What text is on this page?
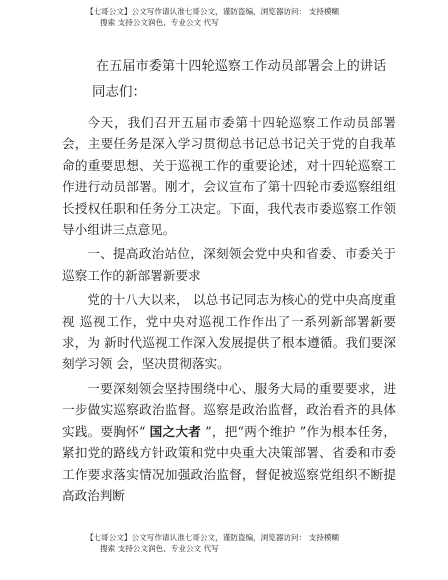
【七哥公文】公文写作请认准七哥公文，谨防盗编，浏览器访问： 支持模糊
搜索 支持公文润色、专业公文 代写
在五届市委第十四轮巡察工作动员部署会上的讲话
同志们：

今天，我们召开五届市委第十四轮巡察工作动员部署会，主要任务是深入学习贯彻总书记总书记关于党的自我革命的重要思想、关于巡视工作的重要论述，对十四轮巡察工作进行动员部署。刚才，会议宣布了第十四轮市委巡察组组长授权任职和任务分工决定。下面，我代表市委巡察工作领导小组讲三点意见。

一、提高政治站位，深刻领会党中央和省委、市委关于巡察工作的新部署新要求

党的十八大以来， 以总书记同志为核心的党中央高度重视 巡视工作，党中央对巡视工作作出了一系列新部署新要求，为 新时代巡视工作深入发展提供了根本遵循。我们要深刻学习领 会，坚决贯彻落实。

一要深刻领会坚持围绕中心、服务大局的重要要求，进一步做实巡察政治监督。巡察是政治监督，政治看齐的具体实践。要胸怀“ 国之大者 ”，把“两个维护 ”作为根本任务，紧扣党的路线方针政策和党中央重大决策部署、省委和市委工作要求落实情况加强政治监督，督促被巡察党组织不断提高政治判断

【七哥公文】公文写作请认准七哥公文，谨防盗编，浏览器访问： 支持模糊
搜索 支持公文润色、专业公文 代写
